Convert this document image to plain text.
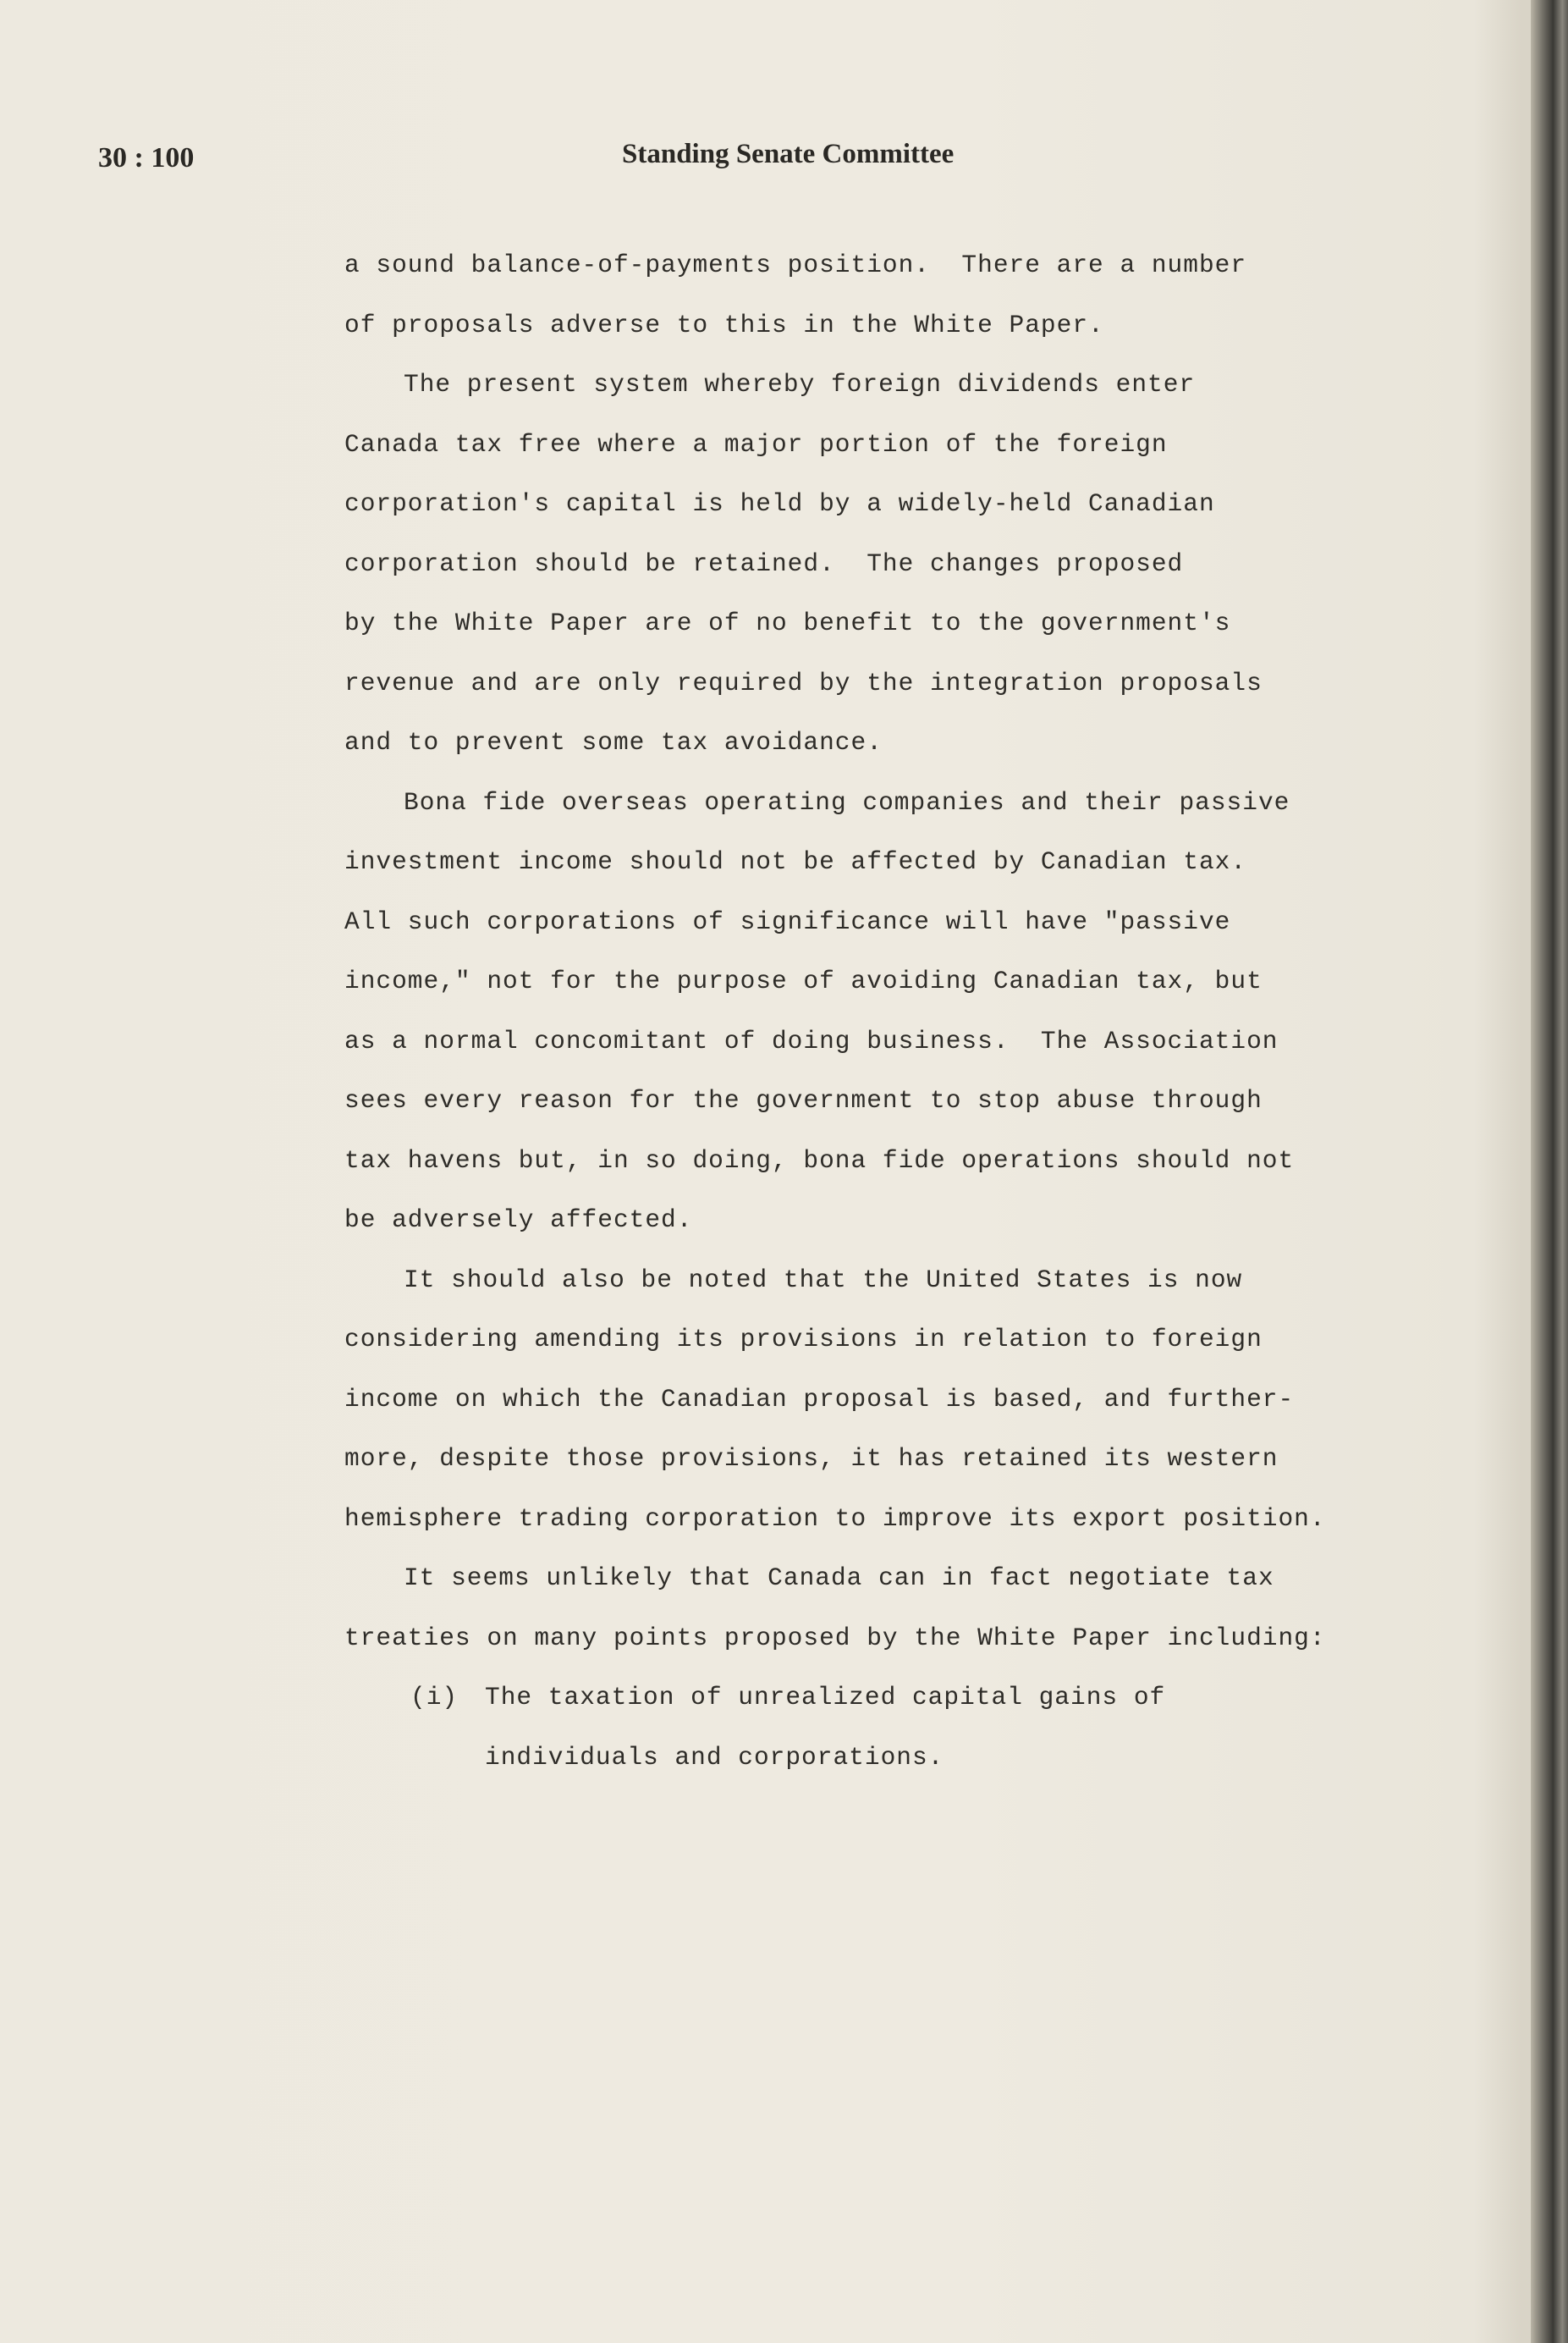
30 : 100	Standing Senate Committee
a sound balance-of-payments position.  There are a number
of proposals adverse to this in the White Paper.
The present system whereby foreign dividends enter
Canada tax free where a major portion of the foreign
corporation's capital is held by a widely-held Canadian
corporation should be retained.  The changes proposed
by the White Paper are of no benefit to the government's
revenue and are only required by the integration proposals
and to prevent some tax avoidance.
Bona fide overseas operating companies and their passive
investment income should not be affected by Canadian tax.
All such corporations of significance will have "passive
income," not for the purpose of avoiding Canadian tax, but
as a normal concomitant of doing business.  The Association
sees every reason for the government to stop abuse through
tax havens but, in so doing, bona fide operations should not
be adversely affected.
It should also be noted that the United States is now
considering amending its provisions in relation to foreign
income on which the Canadian proposal is based, and further-
more, despite those provisions, it has retained its western
hemisphere trading corporation to improve its export position.
It seems unlikely that Canada can in fact negotiate tax
treaties on many points proposed by the White Paper including:
(i) The taxation of unrealized capital gains of
individuals and corporations.
